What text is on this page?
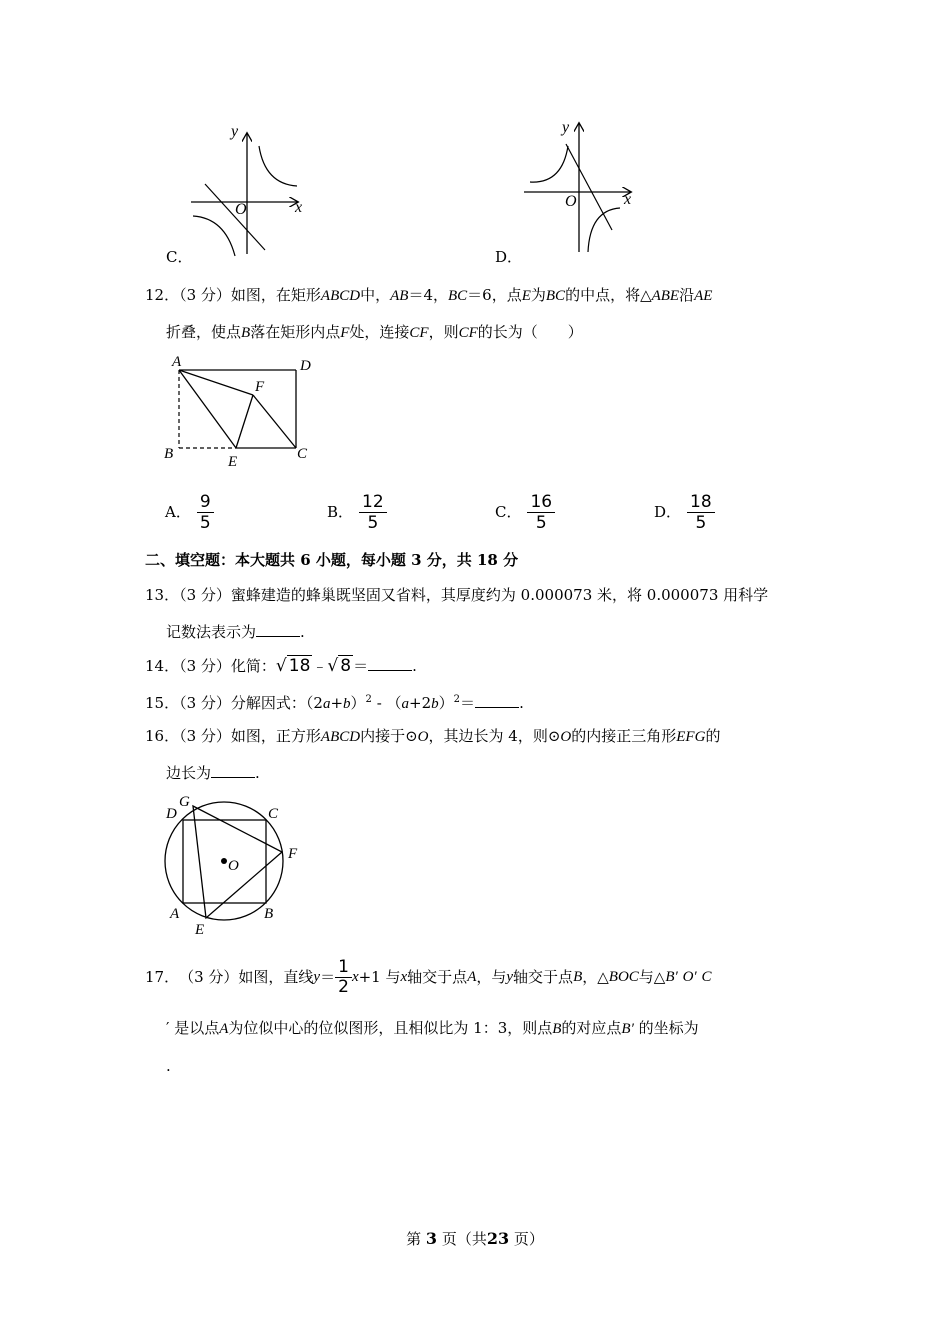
y
x
O
C．
y
x
O
D．
12．（3 分）如图，在矩形ABCD中，AB＝4，BC＝6，点E为BC的中点，将△ABE沿AE
折叠，使点B落在矩形内点F处，连接CF，则CF的长为（　　）
A	D
F
B	E	C
A． $\frac{9}{5}$	B． $\frac{12}{5}$	C． $\frac{16}{5}$	D． $\frac{18}{5}$
二、填空题：本大题共 6 小题，每小题 3 分，共 18 分
13．（3 分）蜜蜂建造的蜂巢既坚固又省料，其厚度约为 0.000073 米，将 0.000073 用科学
记数法表示为	.
14．（3 分）化简：√ 18 ﹣√ 8 ＝	.
15．（3 分）分解因式：$(2a+b)^2 - (a+2b)^2=$	.
16．（3 分）如图，正方形ABCD内接于⊙O，其边长为 4，则⊙O的内接正三角形EFG的
边长为	.
O
D
G
C
F
A	B
E
17． （3 分） 如图，直线 $y = \frac{1}{2}$ x +1 与 x 轴交于点 A ，与 y 轴交于点 B ，△ BOC 与△ B′
O′
C
′ 是以点A为位似中心的位似图形，且相似比为 1：3，则点B的对应点B′ 的坐标为
.
第 3 页（共23 页）
